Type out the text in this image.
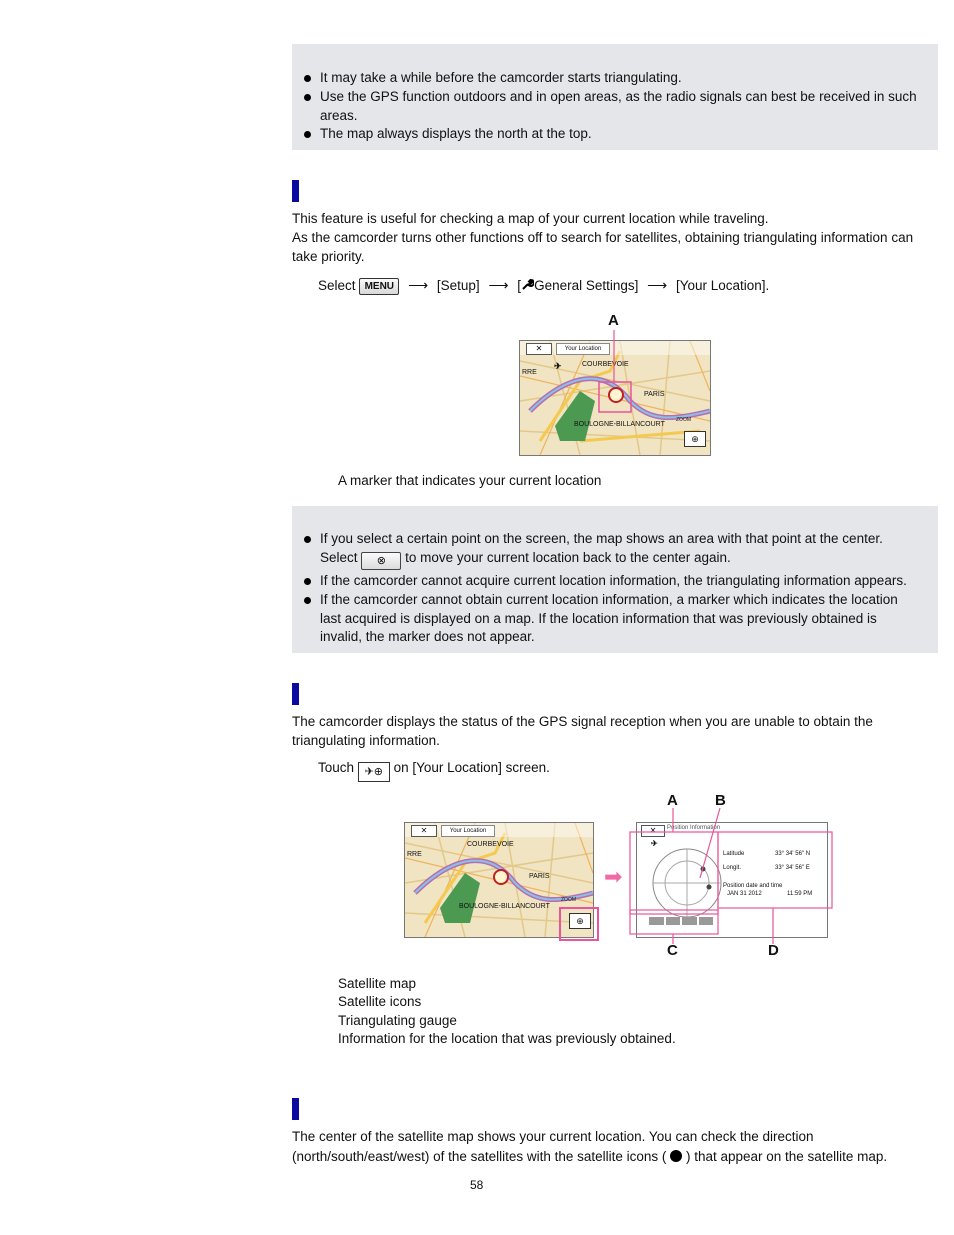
It may take a while before the camcorder starts triangulating.
Use the GPS function outdoors and in open areas, as the radio signals can best be received in such areas.
The map always displays the north at the top.
This feature is useful for checking a map of your current location while traveling.
As the camcorder turns other functions off to search for satellites, obtaining triangulating information can take priority.
Select MENU ⟶ [Setup] ⟶ [ General Settings] ⟶ [Your Location].
A
✕	Your Location
✈	COURBEVOIE
PARIS
BOULOGNE-BILLANCOURT
RRE
ZOOM
⊕
A marker that indicates your current location
If you select a certain point on the screen, the map shows an area with that point at the center.
Select ⊗ to move your current location back to the center again.
If the camcorder cannot acquire current location information, the triangulating information appears.
If the camcorder cannot obtain current location information, a marker which indicates the location last acquired is displayed on a map. If the location information that was previously obtained is invalid, the marker does not appear.
The camcorder displays the status of the GPS signal reception when you are unable to obtain the triangulating information.
Touch ✈⊕ on [Your Location] screen.
✕	Your Location
COURBEVOIE
PARIS
BOULOGNE-BILLANCOURT
RRE
ZOOM
⊕
➡
✕	Position Information
✈
Latitude	33° 34' 56" N
Longit.	33° 34' 56" E
Position date and time
JAN 31 2012	11:59 PM
A B
C	D
Satellite map
Satellite icons
Triangulating gauge
Information for the location that was previously obtained.
The center of the satellite map shows your current location. You can check the direction
(north/south/east/west) of the satellites with the satellite icons ( ) that appear on the satellite map.
58
